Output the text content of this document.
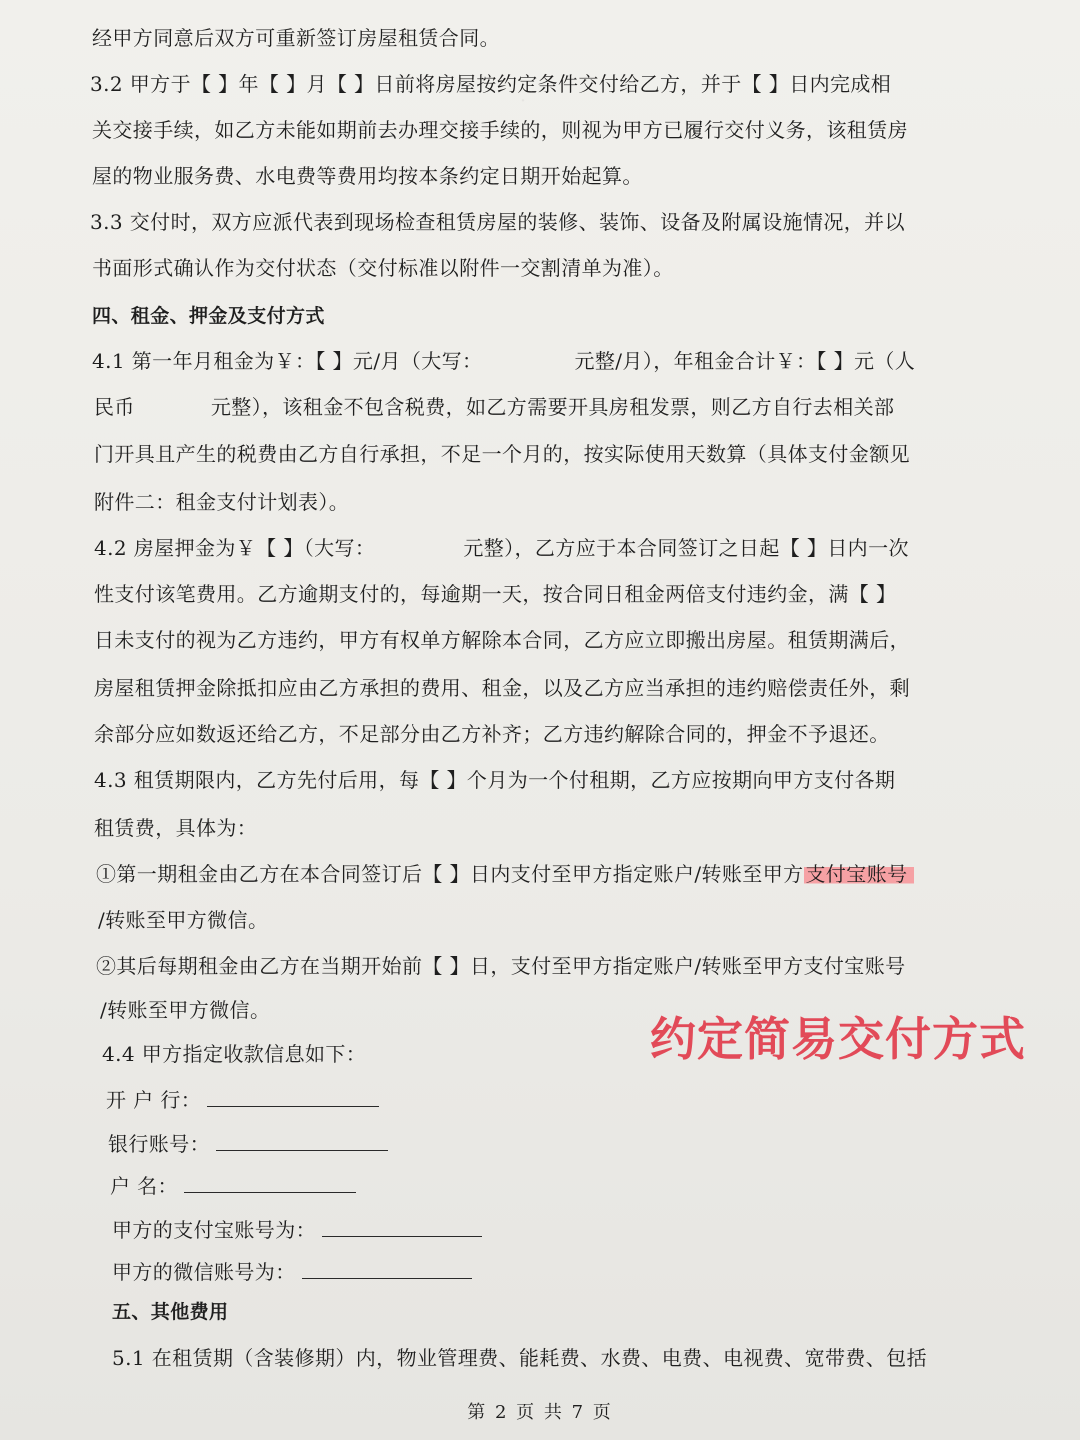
·
经甲方同意后双方可重新签订房屋租赁合同。
3.2 甲方于【 】年【 】月【 】日前将房屋按约定条件交付给乙方，并于【 】日内完成相
关交接手续，如乙方未能如期前去办理交接手续的，则视为甲方已履行交付义务，该租赁房
屋的物业服务费、水电费等费用均按本条约定日期开始起算。
3.3 交付时，双方应派代表到现场检查租赁房屋的装修、装饰、设备及附属设施情况，并以
书面形式确认作为交付状态（交付标准以附件一交割清单为准）。
四、租金、押金及支付方式
4.1 第一年月租金为￥：【 】元/月（大写：	元整/月），年租金合计￥：【 】元（人
民币	元整），该租金不包含税费，如乙方需要开具房租发票，则乙方自行去相关部
门开具且产生的税费由乙方自行承担，不足一个月的，按实际使用天数算（具体支付金额见
附件二：租金支付计划表）。
4.2 房屋押金为￥【 】（大写：	元整），乙方应于本合同签订之日起【 】日内一次
性支付该笔费用。乙方逾期支付的，每逾期一天，按合同日租金两倍支付违约金，满【 】
日未支付的视为乙方违约，甲方有权单方解除本合同，乙方应立即搬出房屋。租赁期满后，
房屋租赁押金除抵扣应由乙方承担的费用、租金，以及乙方应当承担的违约赔偿责任外，剩
余部分应如数返还给乙方，不足部分由乙方补齐；乙方违约解除合同的，押金不予退还。
4.3 租赁期限内，乙方先付后用，每【 】个月为一个付租期，乙方应按期向甲方支付各期
租赁费，具体为：
①第一期租金由乙方在本合同签订后【 】日内支付至甲方指定账户/转账至甲方 支付宝账号
/转账至甲方微信。
②其后每期租金由乙方在当期开始前【 】日，支付至甲方指定账户/转账至甲方支付宝账号
/转账至甲方微信。
约定简易交付方式
4.4 甲方指定收款信息如下：
开 户 行：
银行账号：
户 名：
甲方的支付宝账号为：
甲方的微信账号为：
五、其他费用
5.1 在租赁期（含装修期）内，物业管理费、能耗费、水费、电费、电视费、宽带费、包括
第 2 页 共 7 页
